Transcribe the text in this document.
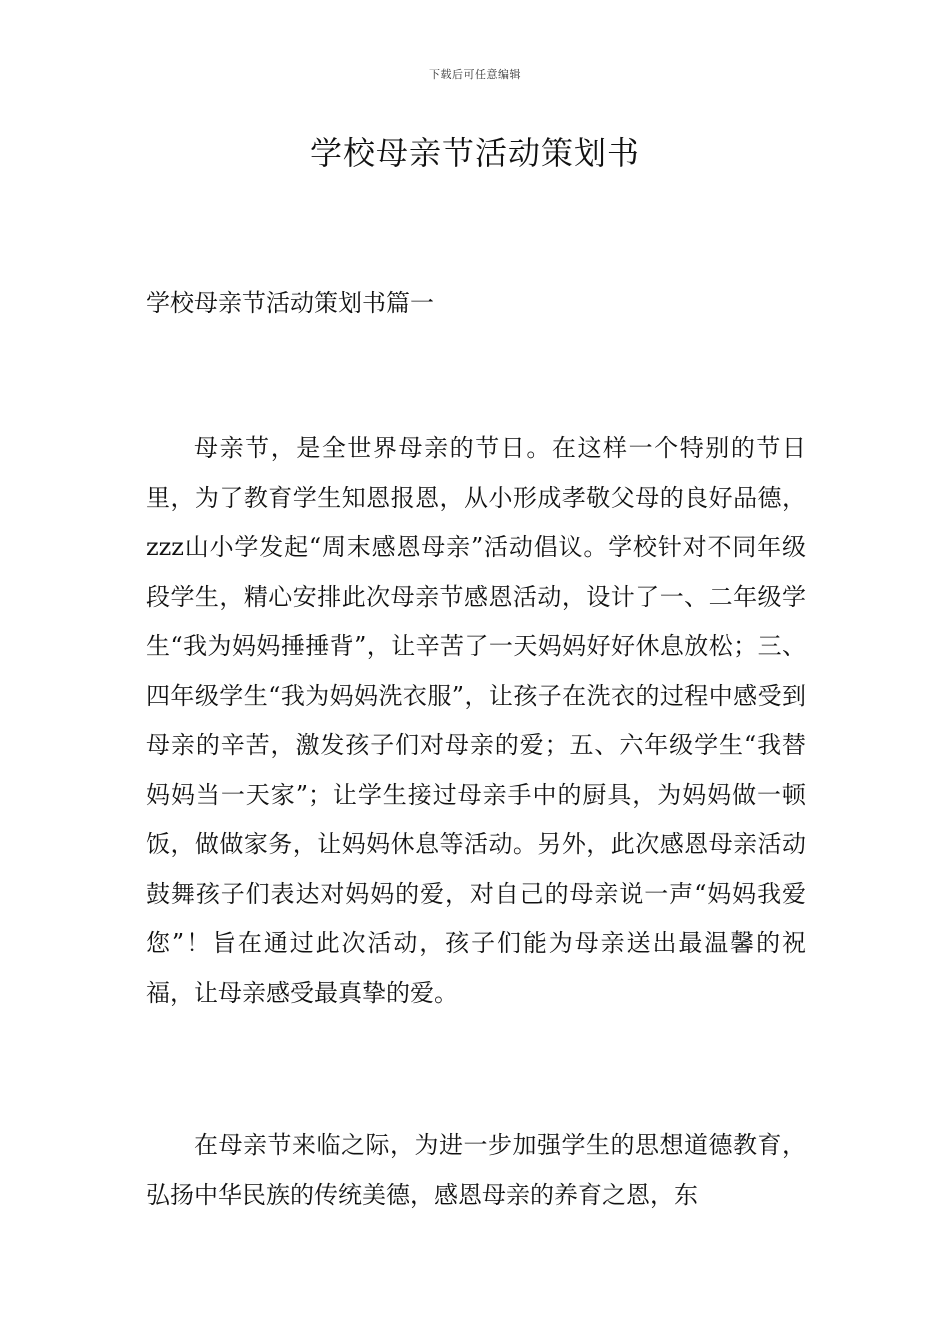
下载后可任意编辑
学校母亲节活动策划书
学校母亲节活动策划书篇一

母亲节，是全世界母亲的节日。在这样一个特别的节日里，为了教育学生知恩报恩，从小形成孝敬父母的良好品德，zzz山小学发起“周末感恩母亲”活动倡议。学校针对不同年级段学生，精心安排此次母亲节感恩活动，设计了一、二年级学生“我为妈妈捶捶背”，让辛苦了一天妈妈好好休息放松；三、四年级学生“我为妈妈洗衣服”，让孩子在洗衣的过程中感受到母亲的辛苦，激发孩子们对母亲的爱；五、六年级学生“我替妈妈当一天家”；让学生接过母亲手中的厨具，为妈妈做一顿饭，做做家务，让妈妈休息等活动。另外，此次感恩母亲活动鼓舞孩子们表达对妈妈的爱，对自己的母亲说一声“妈妈我爱您”！旨在通过此次活动，孩子们能为母亲送出最温馨的祝福，让母亲感受最真挚的爱。

在母亲节来临之际，为进一步加强学生的思想道德教育，弘扬中华民族的传统美德，感恩母亲的养育之恩，东
